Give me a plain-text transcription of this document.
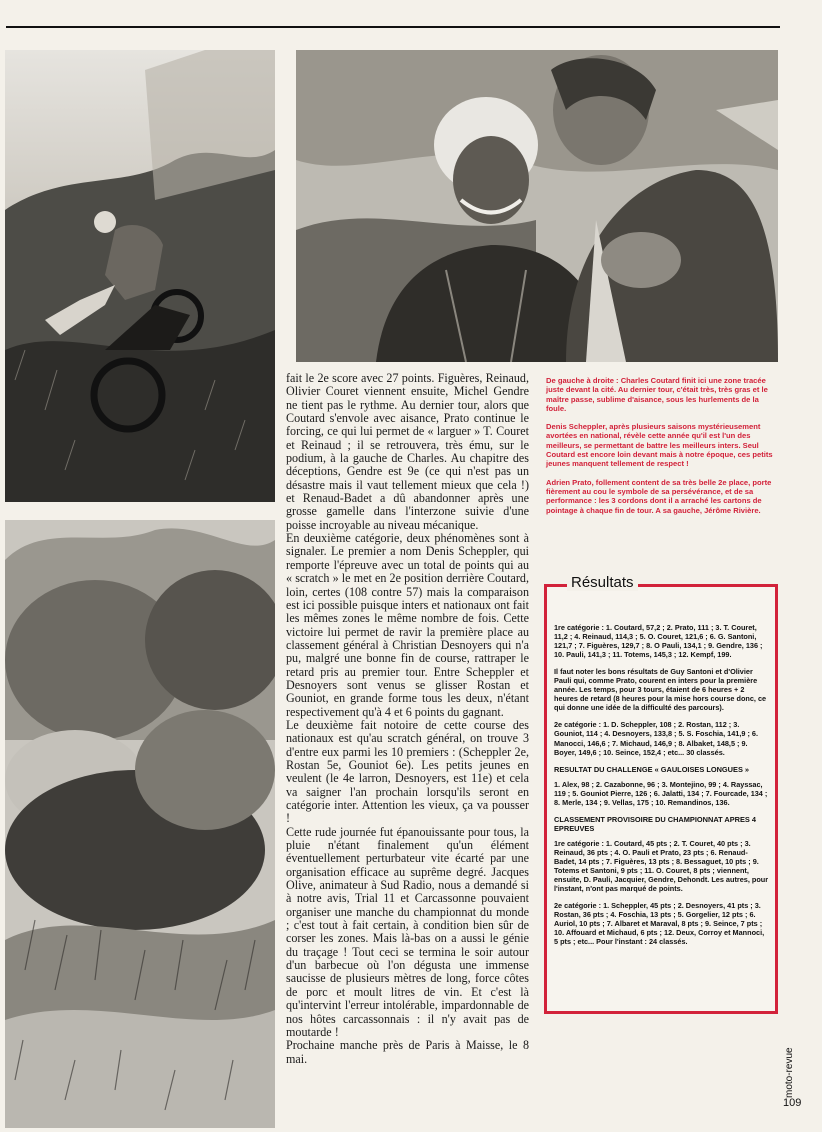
fait le 2e score avec 27 points. Figuères, Reinaud, Olivier Couret viennent ensuite, Michel Gendre ne tient pas le rythme. Au dernier tour, alors que Coutard s'envole avec aisance, Prato continue le forcing, ce qui lui permet de « larguer » T. Couret et Reinaud ; il se retrouvera, très ému, sur le podium, à la gauche de Charles. Au chapitre des déceptions, Gendre est 9e (ce qui n'est pas un désastre mais il vaut tellement mieux que cela !) et Renaud-Badet a dû abandonner après une grosse gamelle dans l'interzone suivie d'une poisse incroyable au niveau mécanique.

En deuxième catégorie, deux phénomènes sont à signaler. Le premier a nom Denis Scheppler, qui remporte l'épreuve avec un total de points qui au « scratch » le met en 2e position derrière Coutard, loin, certes (108 contre 57) mais la comparaison est ici possible puisque inters et nationaux ont fait les mêmes zones le même nombre de fois. Cette victoire lui permet de ravir la première place au classement général à Christian Desnoyers qui n'a pu, malgré une bonne fin de course, rattraper le retard pris au premier tour. Entre Scheppler et Desnoyers sont venus se glisser Rostan et Gouniot, en grande forme tous les deux, n'étant respectivement qu'à 4 et 6 points du gagnant.

Le deuxième fait notoire de cette course des nationaux est qu'au scratch général, on trouve 3 d'entre eux parmi les 10 premiers : (Scheppler 2e, Rostan 5e, Gouniot 6e). Les petits jeunes en veulent (le 4e larron, Desnoyers, est 11e) et cela va saigner l'an prochain lorsqu'ils seront en catégorie inter. Attention les vieux, ça va pousser !

Cette rude journée fut épanouissante pour tous, la pluie n'étant finalement qu'un élément éventuellement perturbateur vite écarté par une organisation efficace au suprême degré. Jacques Olive, animateur à Sud Radio, nous a demandé si à notre avis, Trial 11 et Carcassonne pouvaient organiser une manche du championnat du monde ; c'est tout à fait certain, à condition bien sûr de corser les zones. Mais là-bas on a aussi le génie du traçage ! Tout ceci se termina le soir autour d'un barbecue où l'on dégusta une immense saucisse de plusieurs mètres de long, force côtes de porc et moult litres de vin. Et c'est là qu'intervint l'erreur intolérable, impardonnable de nos hôtes carcassonnais : il n'y avait pas de moutarde !

Prochaine manche près de Paris à Maisse, le 8 mai.

De gauche à droite : Charles Coutard finit ici une zone tracée juste devant la cité. Au dernier tour, c'était très, très gras et le maître passe, sublime d'aisance, sous les hurlements de la foule.

Denis Scheppler, après plusieurs saisons mystérieusement avortées en national, révèle cette année qu'il est l'un des meilleurs, se permettant de battre les meilleurs inters. Seul Coutard est encore loin devant mais à notre époque, ces petits jeunes manquent tellement de respect !

Adrien Prato, follement content de sa très belle 2e place, porte fièrement au cou le symbole de sa persévérance, et de sa performance : les 3 cordons dont il a arraché les cartons de pointage à chaque fin de tour. A sa gauche, Jérôme Rivière.

Résultats

1re catégorie : 1. Coutard, 57,2 ; 2. Prato, 111 ; 3. T. Couret, 11,2 ; 4. Reinaud, 114,3 ; 5. O. Couret, 121,6 ; 6. G. Santoni, 121,7 ; 7. Figuères, 129,7 ; 8. O Pauli, 134,1 ; 9. Gendre, 136 ; 10. Pauli, 141,3 ; 11. Totems, 145,3 ; 12. Kempf, 199.

Il faut noter les bons résultats de Guy Santoni et d'Olivier Pauli qui, comme Prato, courent en inters pour la première année. Les temps, pour 3 tours, étaient de 6 heures + 2 heures de retard (8 heures pour la mise hors course donc, ce qui donne une idée de la difficulté des parcours).

2e catégorie : 1. D. Scheppler, 108 ; 2. Rostan, 112 ; 3. Gouniot, 114 ; 4. Desnoyers, 133,8 ; 5. S. Foschia, 141,9 ; 6. Manocci, 146,6 ; 7. Michaud, 146,9 ; 8. Albaket, 148,5 ; 9. Boyer, 149,6 ; 10. Seince, 152,4 ; etc... 30 classés.

RESULTAT DU CHALLENGE « GAULOISES LONGUES »

1. Alex, 98 ; 2. Cazabonne, 96 ; 3. Montejino, 99 ; 4. Rayssac, 119 ; 5. Gouniot Pierre, 126 ; 6. Jalatti, 134 ; 7. Fourcade, 134 ; 8. Merle, 134 ; 9. Vellas, 175 ; 10. Remandinos, 136.

CLASSEMENT PROVISOIRE DU CHAMPIONNAT APRES 4 EPREUVES

1re catégorie : 1. Coutard, 45 pts ; 2. T. Couret, 40 pts ; 3. Reinaud, 36 pts ; 4. O. Pauli et Prato, 23 pts ; 6. Renaud-Badet, 14 pts ; 7. Figuères, 13 pts ; 8. Bessaguet, 10 pts ; 9. Totems et Santoni, 9 pts ; 11. O. Couret, 8 pts ; viennent, ensuite, D. Pauli, Jacquier, Gendre, Dehondt. Les autres, pour l'instant, n'ont pas marqué de points.

2e catégorie : 1. Scheppler, 45 pts ; 2. Desnoyers, 41 pts ; 3. Rostan, 36 pts ; 4. Foschia, 13 pts ; 5. Gorgelier, 12 pts ; 6. Auriol, 10 pts ; 7. Albaret et Maraval, 8 pts ; 9. Seince, 7 pts ; 10. Affouard et Michaud, 6 pts ; 12. Deux, Corroy et Mannoci, 5 pts ; etc... Pour l'instant : 24 classés.

moto-revue
109
